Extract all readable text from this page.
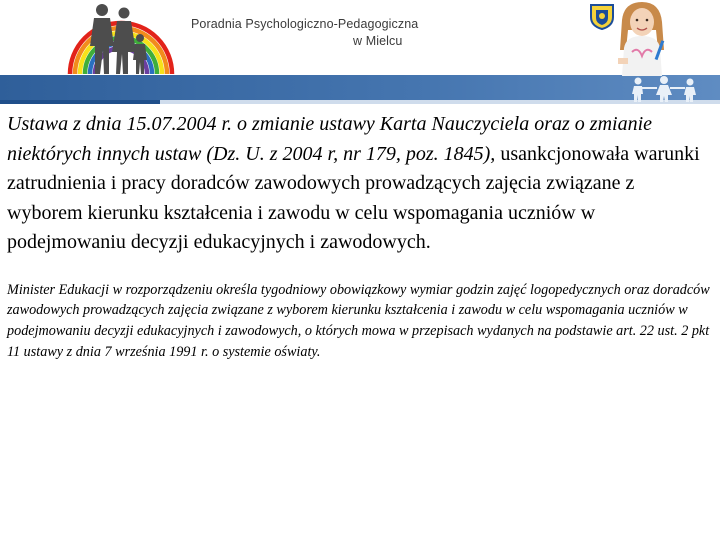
Poradnia Psychologiczno-Pedagogiczna
w Mielcu

Ustawa z dnia 15.07.2004 r. o zmianie ustawy Karta Nauczyciela oraz o zmianie niektórych innych ustaw (Dz. U. z 2004 r, nr 179, poz. 1845), usankcjonowała warunki zatrudnienia i pracy doradców zawodowych prowadzących zajęcia związane z wyborem kierunku kształcenia i zawodu w celu wspomagania uczniów w podejmowaniu decyzji edukacyjnych i zawodowych.

Minister Edukacji w rozporządzeniu określa tygodniowy obowiązkowy wymiar godzin zajęć logopedycznych oraz doradców zawodowych prowadzących zajęcia związane z wyborem kierunku kształcenia i zawodu w celu wspomagania uczniów w podejmowaniu decyzji edukacyjnych i zawodowych, o których mowa w przepisach wydanych na podstawie art. 22 ust. 2 pkt 11 ustawy z dnia 7 września 1991 r. o systemie oświaty.
